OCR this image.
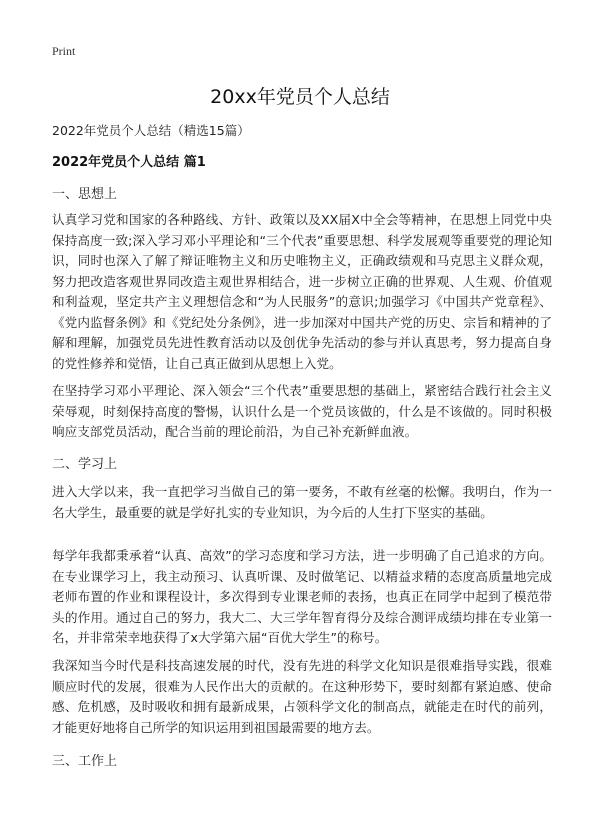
Print
20xx年党员个人总结
2022年党员个人总结（精选15篇）
2022年党员个人总结 篇1
一、思想上

认真学习党和国家的各种路线、方针、政策以及XX届X中全会等精神，在思想上同党中央保持高度一致;深入学习邓小平理论和“三个代表”重要思想、科学发展观等重要党的理论知识，同时也深入了解了辩证唯物主义和历史唯物主义，正确政绩观和马克思主义群众观，努力把改造客观世界同改造主观世界相结合，进一步树立正确的世界观、人生观、价值观和利益观，坚定共产主义理想信念和“为人民服务”的意识;加强学习《中国共产党章程》、《党内监督条例》和《党纪处分条例》，进一步加深对中国共产党的历史、宗旨和精神的了解和理解，加强党员先进性教育活动以及创优争先活动的参与并认真思考，努力提高自身的党性修养和觉悟，让自己真正做到从思想上入党。

在坚持学习邓小平理论、深入领会“三个代表”重要思想的基础上，紧密结合践行社会主义荣辱观，时刻保持高度的警惕，认识什么是一个党员该做的，什么是不该做的。同时积极响应支部党员活动，配合当前的理论前沿，为自己补充新鲜血液。

二、学习上

进入大学以来，我一直把学习当做自己的第一要务，不敢有丝毫的松懈。我明白，作为一名大学生，最重要的就是学好扎实的专业知识，为今后的人生打下坚实的基础。

每学年我都秉承着“认真、高效”的学习态度和学习方法，进一步明确了自己追求的方向。在专业课学习上，我主动预习、认真听课、及时做笔记、以精益求精的态度高质量地完成老师布置的作业和课程设计，多次得到专业课老师的表扬，也真正在同学中起到了模范带头的作用。通过自己的努力，我大二、大三学年智育得分及综合测评成绩均排在专业第一名，并非常荣幸地获得了x大学第六届“百优大学生”的称号。

我深知当今时代是科技高速发展的时代，没有先进的科学文化知识是很难指导实践，很难顺应时代的发展，很难为人民作出大的贡献的。在这种形势下，要时刻都有紧迫感、使命感、危机感，及时吸收和拥有最新成果，占领科学文化的制高点，就能走在时代的前列，才能更好地将自己所学的知识运用到祖国最需要的地方去。

三、工作上
